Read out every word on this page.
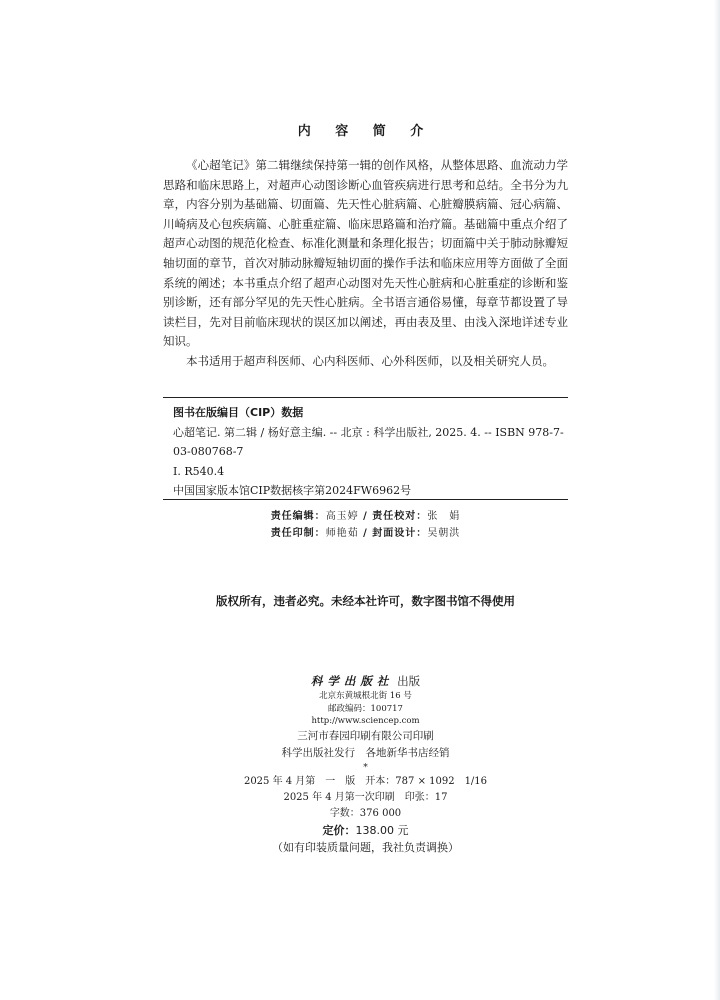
内 容 简 介

《心超笔记》第二辑继续保持第一辑的创作风格，从整体思路、血流动力学思路和临床思路上，对超声心动图诊断心血管疾病进行思考和总结。全书分为九章，内容分别为基础篇、切面篇、先天性心脏病篇、心脏瓣膜病篇、冠心病篇、川崎病及心包疾病篇、心脏重症篇、临床思路篇和治疗篇。基础篇中重点介绍了超声心动图的规范化检查、标准化测量和条理化报告；切面篇中关于肺动脉瓣短轴切面的章节，首次对肺动脉瓣短轴切面的操作手法和临床应用等方面做了全面系统的阐述；本书重点介绍了超声心动图对先天性心脏病和心脏重症的诊断和鉴别诊断，还有部分罕见的先天性心脏病。全书语言通俗易懂，每章节都设置了导读栏目，先对目前临床现状的误区加以阐述，再由表及里、由浅入深地详述专业知识。

本书适用于超声科医师、心内科医师、心外科医师，以及相关研究人员。

图书在版编目（CIP）数据
心超笔记. 第二辑 / 杨好意主编. -- 北京 : 科学出版社, 2025. 4. -- ISBN 978-7-03-080768-7
Ⅰ. R540.4
中国国家版本馆CIP数据核字第2024FW6962号
责任编辑：高玉婷 / 责任校对：张　娟
责任印制：师艳茹 / 封面设计：吴朝洪
版权所有，违者必究。未经本社许可，数字图书馆不得使用
科学出版社 出版
北京东黄城根北街 16 号
邮政编码：100717
http://www.sciencep.com
三河市春园印刷有限公司印刷
科学出版社发行　各地新华书店经销
*
2025 年 4 月第　一　版　开本：787 × 1092　1/16
2025 年 4 月第一次印刷　印张：17
字数：376 000
定价：138.00 元
（如有印装质量问题，我社负责调换）
